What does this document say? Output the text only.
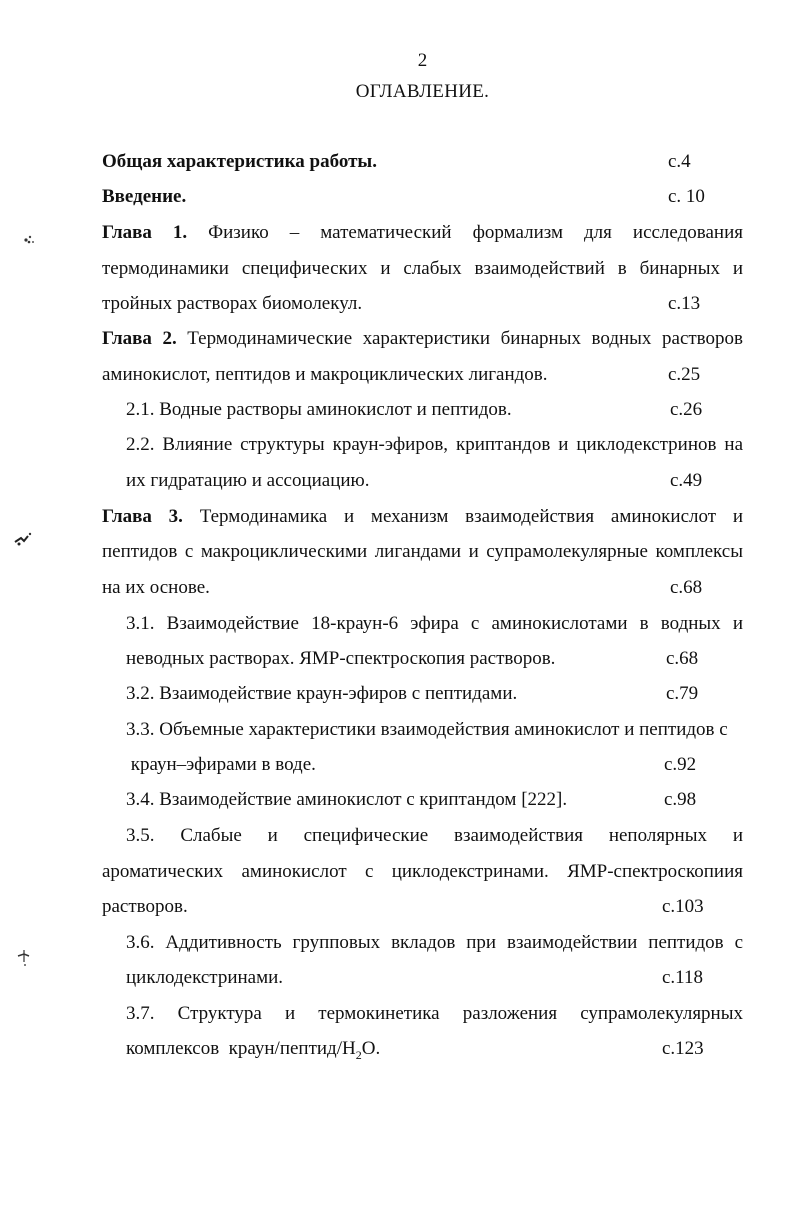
2
ОГЛАВЛЕНИЕ.
Общая характеристика работы.	с.4
Введение.	с. 10
Глава 1. Физико – математический формализм для исследования
термодинамики специфических и слабых взаимодействий в бинарных и
тройных растворах биомолекул.	с.13
Глава 2. Термодинамические характеристики бинарных водных растворов
аминокислот, пептидов и макроциклических лигандов.	с.25
2.1. Водные растворы аминокислот и пептидов.	с.26
2.2. Влияние структуры краун-эфиров, криптандов и циклодекстринов на
их гидратацию и ассоциацию.	с.49
Глава 3. Термодинамика и механизм взаимодействия аминокислот и
пептидов с макроциклическими лигандами и супрамолекулярные комплексы
на их основе.	с.68
3.1. Взаимодействие 18-краун-6 эфира с аминокислотами в водных и
неводных растворах. ЯМР-спектроскопия растворов.	с.68
3.2. Взаимодействие краун-эфиров с пептидами.	с.79
3.3. Объемные характеристики взаимодействия аминокислот и пептидов с
краун–эфирами в воде.	с.92
3.4. Взаимодействие аминокислот с криптандом [222].	с.98
3.5. Слабые и специфические взаимодействия неполярных и
ароматических аминокислот с циклодекстринами. ЯМР-спектроскопиия
растворов.	с.103
3.6. Аддитивность групповых вкладов при взаимодействии пептидов с
циклодекстринами.	с.118
3.7. Структура и термокинетика разложения супрамолекулярных
комплексов  краун/$пептид/Н_2О$.	с.123
